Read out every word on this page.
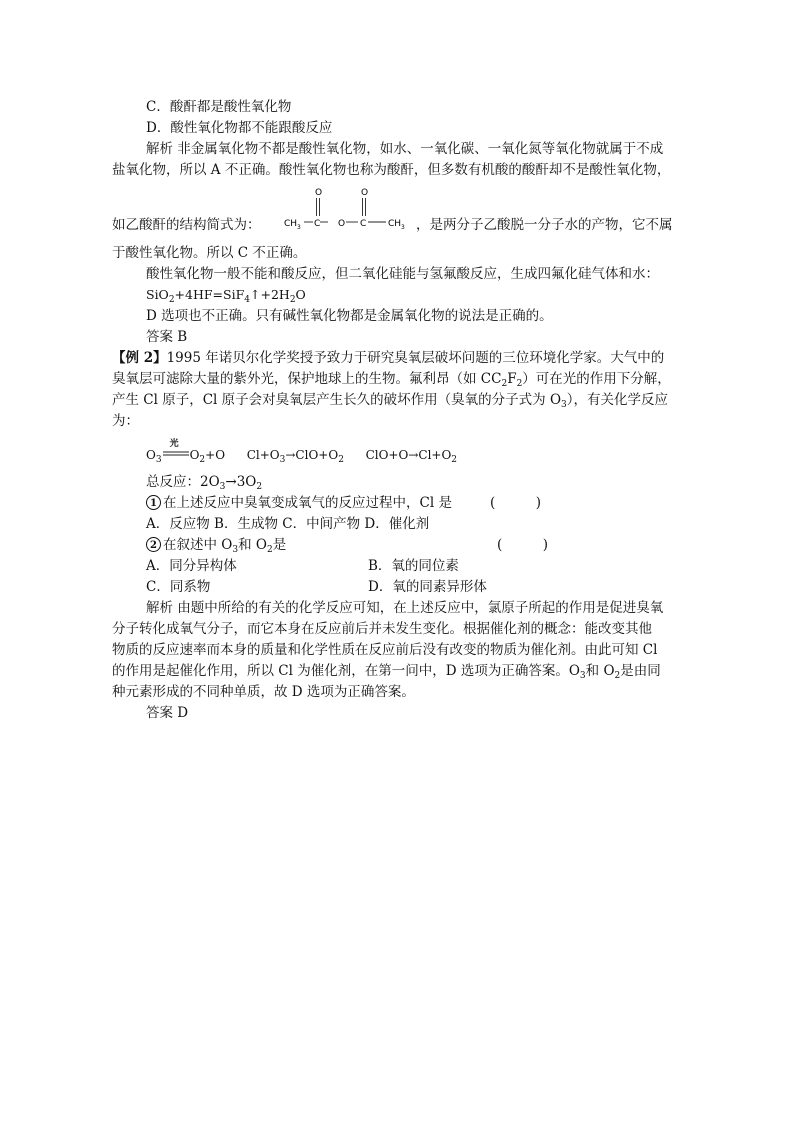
C．酸酐都是酸性氧化物
D．酸性氧化物都不能跟酸反应
解析 非金属氧化物不都是酸性氧化物，如水、一氧化碳、一氧化氮等氧化物就属于不成
盐氧化物，所以 A 不正确。酸性氧化物也称为酸酐，但多数有机酸的酸酐却不是酸性氧化物，
如乙酸酐的结构简式为：	CH 3 C
O
O C
O
CH 3 ，是两分子乙酸脱一分子水的产物，它不属
于酸性氧化物。所以 C 不正确。
酸性氧化物一般不能和酸反应，但二氧化硅能与氢氟酸反应，生成四氟化硅气体和水：
$SiO_2+4HF=SiF_4↑+2H_2O$
D 选项也不正确。只有碱性氧化物都是金属氧化物的说法是正确的。
答案 B
【例 2】1995 年诺贝尔化学奖授予致力于研究臭氧层破坏问题的三位环境化学家。大气中的
臭氧层可滤除大量的紫外光，保护地球上的生物。氟利昂（如 $CC_2F_2$）可在光的作用下分解，
产生 Cl 原子，Cl 原子会对臭氧层产生长久的破坏作用（臭氧的分子式为 $O_3$），有关化学反应
为：
$O_3$
光
$O_2+O$ $Cl+O_3\to ClO+O_2$ $ClO+O\to Cl+O_2$
总反应：$2O_3\to 3O_2$
1 在上述反应中臭氧变成氧气的反应过程中，Cl 是	(　　　)
A．反应物 B．生成物 C．中间产物 D．催化剂
2 在叙述中 $O_3$和 $O_2$是	(　　　)
A．同分异构体	B．氧的同位素
C．同系物	D．氧的同素异形体
解析 由题中所给的有关的化学反应可知，在上述反应中，氯原子所起的作用是促进臭氧
分子转化成氧气分子，而它本身在反应前后并未发生变化。根据催化剂的概念：能改变其他
物质的反应速率而本身的质量和化学性质在反应前后没有改变的物质为催化剂。由此可知 Cl
的作用是起催化作用，所以 Cl 为催化剂，在第一问中，D 选项为正确答案。$O_3$和 $O_2$是由同
种元素形成的不同种单质，故 D 选项为正确答案。
答案 D
